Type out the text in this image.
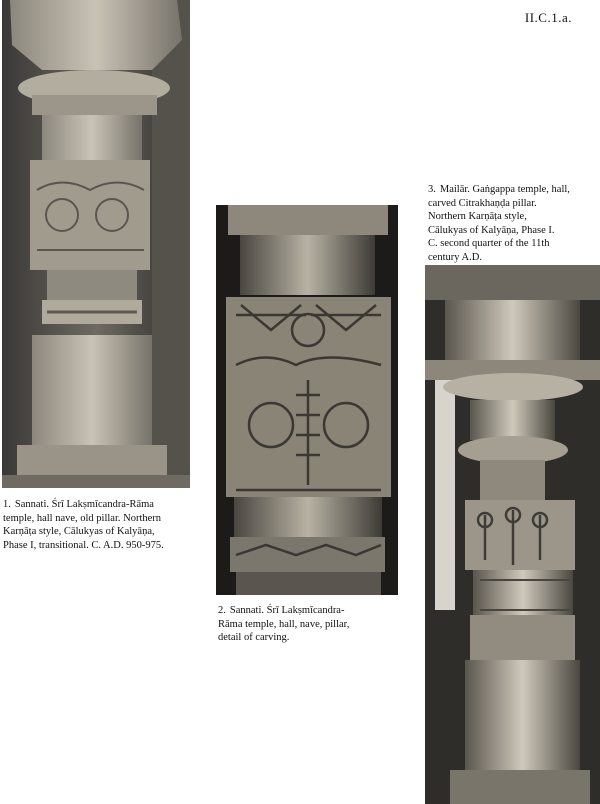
II.C.1.a.
1. Sannati. Śrī Lakṣmīcandra-Rāma
temple, hall nave, old pillar. Northern
Karṇāṭa style, Cālukyas of Kalyāṇa,
Phase I, transitional. C. A.D. 950-975.
2. Sannati. Śrī Lakṣmīcandra-
Rāma temple, hall, nave, pillar,
detail of carving.
3. Mailār. Gaṅgappa temple, hall,
carved Citrakhaṇḍa pillar.
Northern Karṇāṭa style,
Cālukyas of Kalyāṇa, Phase I.
C. second quarter of the 11th
century A.D.
